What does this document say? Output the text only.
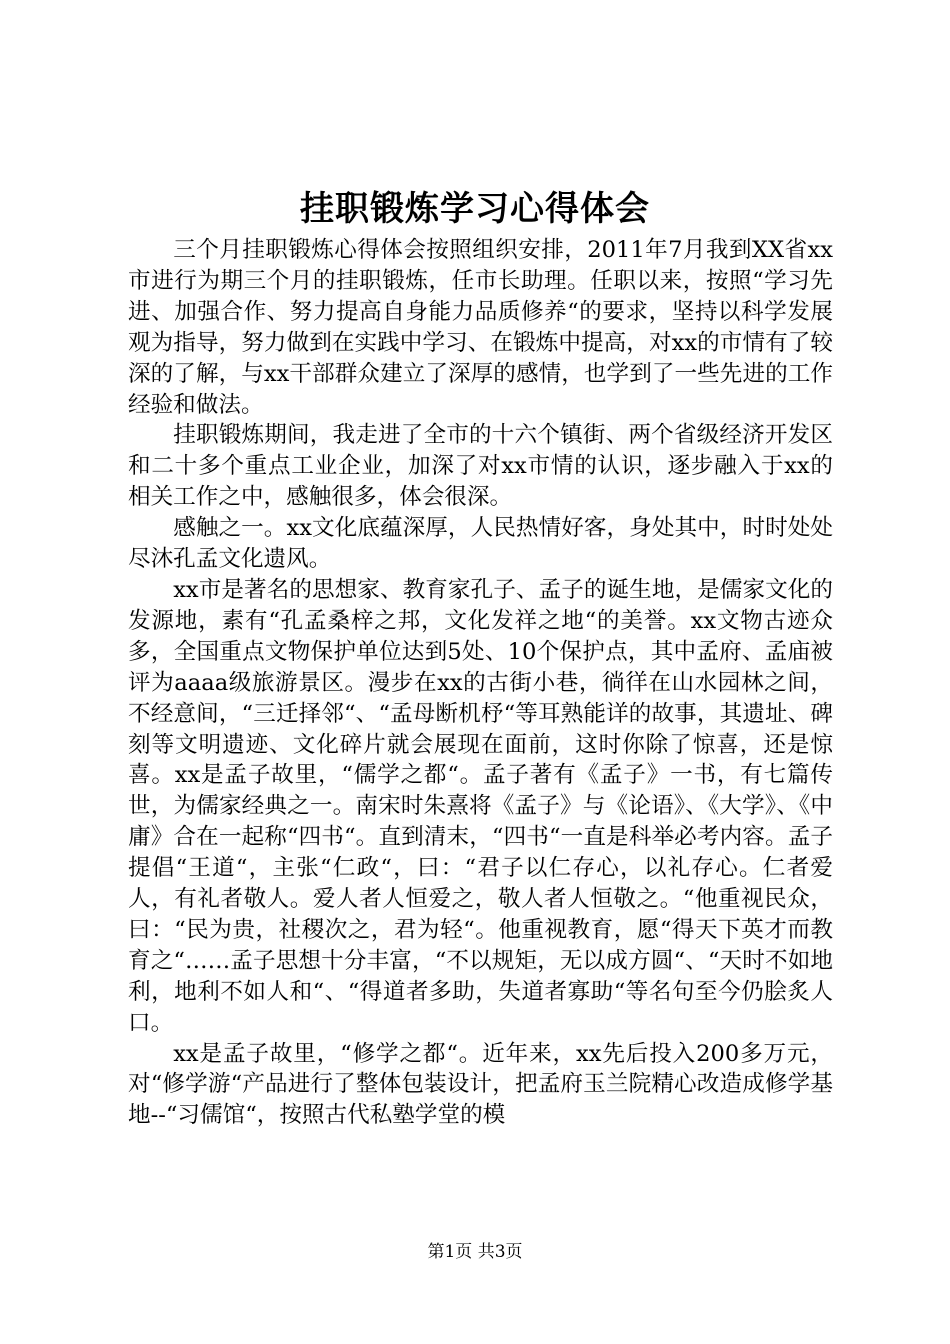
挂职锻炼学习心得体会

三个月挂职锻炼心得体会按照组织安排，2011年7月我到XX省xx市进行为期三个月的挂职锻炼，任市长助理。任职以来，按照“学习先进、加强合作、努力提高自身能力品质修养“的要求，坚持以科学发展观为指导，努力做到在实践中学习、在锻炼中提高，对xx的市情有了较深的了解，与xx干部群众建立了深厚的感情，也学到了一些先进的工作经验和做法。

挂职锻炼期间，我走进了全市的十六个镇街、两个省级经济开发区和二十多个重点工业企业，加深了对xx市情的认识，逐步融入于xx的相关工作之中，感触很多，体会很深。

感触之一。xx文化底蕴深厚，人民热情好客，身处其中，时时处处尽沐孔孟文化遗风。

xx市是著名的思想家、教育家孔子、孟子的诞生地，是儒家文化的发源地，素有“孔孟桑梓之邦，文化发祥之地“的美誉。xx文物古迹众多，全国重点文物保护单位达到5处、10个保护点，其中孟府、孟庙被评为aaaa级旅游景区。漫步在xx的古街小巷，徜徉在山水园林之间，不经意间，“三迁择邻“、“孟母断机杼“等耳熟能详的故事，其遗址、碑刻等文明遗迹、文化碎片就会展现在面前，这时你除了惊喜，还是惊喜。xx是孟子故里，“儒学之都“。孟子著有《孟子》一书，有七篇传世，为儒家经典之一。南宋时朱熹将《孟子》与《论语》、《大学》、《中庸》合在一起称“四书“。直到清末，“四书“一直是科举必考内容。孟子提倡“王道“，主张“仁政“，曰：“君子以仁存心，以礼存心。仁者爱人，有礼者敬人。爱人者人恒爱之，敬人者人恒敬之。“他重视民众，曰：“民为贵，社稷次之，君为轻“。他重视教育，愿“得天下英才而教育之“……孟子思想十分丰富，“不以规矩，无以成方圆“、“天时不如地利，地利不如人和“、“得道者多助，失道者寡助“等名句至今仍脍炙人口。

xx是孟子故里，“修学之都“。近年来，xx先后投入200多万元，对“修学游“产品进行了整体包装设计，把孟府玉兰院精心改造成修学基地--“习儒馆“，按照古代私塾学堂的模

第1页 共3页
